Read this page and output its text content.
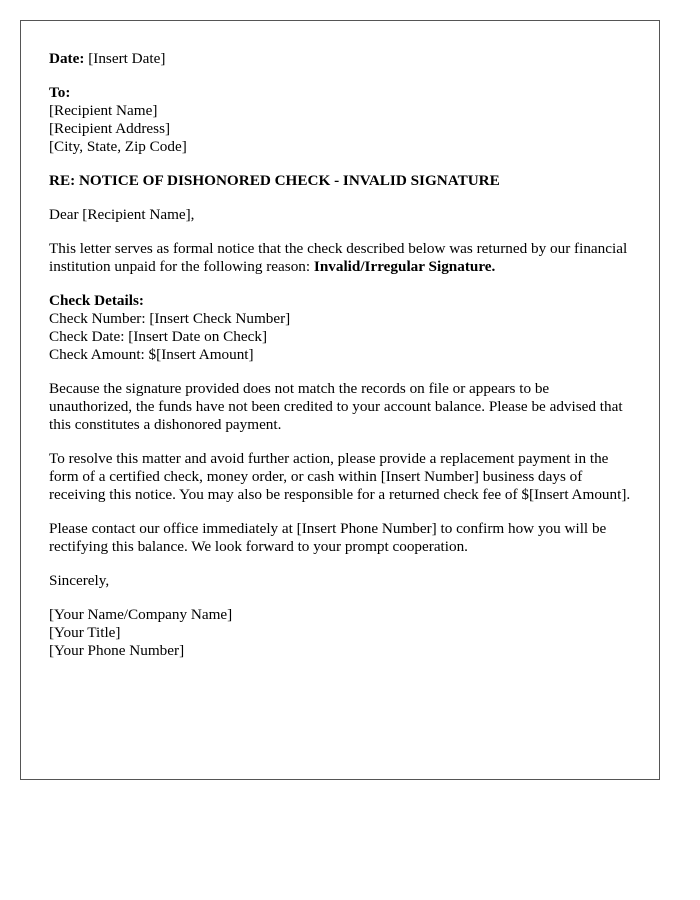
Date: [Insert Date]
To:
[Recipient Name]
[Recipient Address]
[City, State, Zip Code]
RE: NOTICE OF DISHONORED CHECK - INVALID SIGNATURE
Dear [Recipient Name],

This letter serves as formal notice that the check described below was returned by our financial institution unpaid for the following reason: Invalid/Irregular Signature.

Check Details:
Check Number: [Insert Check Number]
Check Date: [Insert Date on Check]
Check Amount: $[Insert Amount]

Because the signature provided does not match the records on file or appears to be unauthorized, the funds have not been credited to your account balance. Please be advised that this constitutes a dishonored payment.

To resolve this matter and avoid further action, please provide a replacement payment in the form of a certified check, money order, or cash within [Insert Number] business days of receiving this notice. You may also be responsible for a returned check fee of $[Insert Amount].

Please contact our office immediately at [Insert Phone Number] to confirm how you will be rectifying this balance. We look forward to your prompt cooperation.

Sincerely,
[Your Name/Company Name]
[Your Title]
[Your Phone Number]
